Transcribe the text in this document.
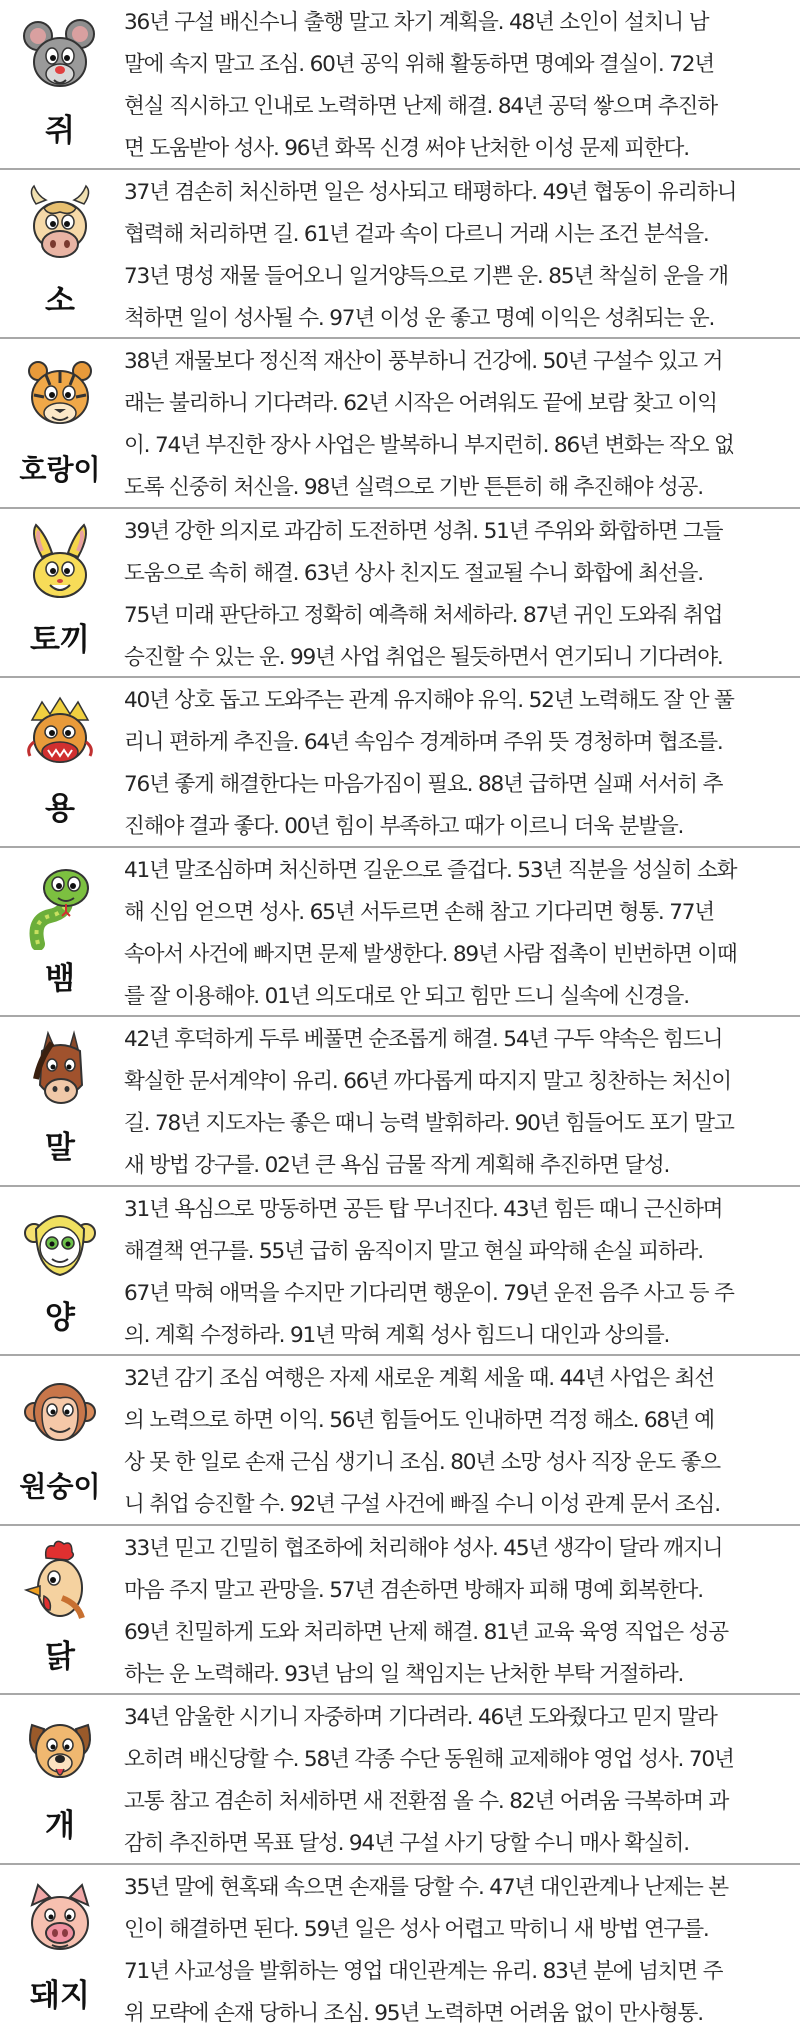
쥐
36년 구설 배신수니 출행 말고 차기 계획을. 48년 소인이 설치니 남
말에 속지 말고 조심. 60년 공익 위해 활동하면 명예와 결실이. 72년
현실 직시하고 인내로 노력하면 난제 해결. 84년 공덕 쌓으며 추진하
면 도움받아 성사. 96년 화목 신경 써야 난처한 이성 문제 피한다.
소
37년 겸손히 처신하면 일은 성사되고 태평하다. 49년 협동이 유리하니
협력해 처리하면 길. 61년 겉과 속이 다르니 거래 시는 조건 분석을.
73년 명성 재물 들어오니 일거양득으로 기쁜 운. 85년 착실히 운을 개
척하면 일이 성사될 수. 97년 이성 운 좋고 명예 이익은 성취되는 운.
호랑이
38년 재물보다 정신적 재산이 풍부하니 건강에. 50년 구설수 있고 거
래는 불리하니 기다려라. 62년 시작은 어려워도 끝에 보람 찾고 이익
이. 74년 부진한 장사 사업은 발복하니 부지런히. 86년 변화는 작오 없
도록 신중히 처신을. 98년 실력으로 기반 튼튼히 해 추진해야 성공.
토끼
39년 강한 의지로 과감히 도전하면 성취. 51년 주위와 화합하면 그들
도움으로 속히 해결. 63년 상사 친지도 절교될 수니 화합에 최선을.
75년 미래 판단하고 정확히 예측해 처세하라. 87년 귀인 도와줘 취업
승진할 수 있는 운. 99년 사업 취업은 될듯하면서 연기되니 기다려야.
용
40년 상호 돕고 도와주는 관계 유지해야 유익. 52년 노력해도 잘 안 풀
리니 편하게 추진을. 64년 속임수 경계하며 주위 뜻 경청하며 협조를.
76년 좋게 해결한다는 마음가짐이 필요. 88년 급하면 실패 서서히 추
진해야 결과 좋다. 00년 힘이 부족하고 때가 이르니 더욱 분발을.
뱀
41년 말조심하며 처신하면 길운으로 즐겁다. 53년 직분을 성실히 소화
해 신임 얻으면 성사. 65년 서두르면 손해 참고 기다리면 형통. 77년
속아서 사건에 빠지면 문제 발생한다. 89년 사람 접촉이 빈번하면 이때
를 잘 이용해야. 01년 의도대로 안 되고 힘만 드니 실속에 신경을.
말
42년 후덕하게 두루 베풀면 순조롭게 해결. 54년 구두 약속은 힘드니
확실한 문서계약이 유리. 66년 까다롭게 따지지 말고 칭찬하는 처신이
길. 78년 지도자는 좋은 때니 능력 발휘하라. 90년 힘들어도 포기 말고
새 방법 강구를. 02년 큰 욕심 금물 작게 계획해 추진하면 달성.
양
31년 욕심으로 망동하면 공든 탑 무너진다. 43년 힘든 때니 근신하며
해결책 연구를. 55년 급히 움직이지 말고 현실 파악해 손실 피하라.
67년 막혀 애먹을 수지만 기다리면 행운이. 79년 운전 음주 사고 등 주
의. 계획 수정하라. 91년 막혀 계획 성사 힘드니 대인과 상의를.
원숭이
32년 감기 조심 여행은 자제 새로운 계획 세울 때. 44년 사업은 최선
의 노력으로 하면 이익. 56년 힘들어도 인내하면 걱정 해소. 68년 예
상 못 한 일로 손재 근심 생기니 조심. 80년 소망 성사 직장 운도 좋으
니 취업 승진할 수. 92년 구설 사건에 빠질 수니 이성 관계 문서 조심.
닭
33년 믿고 긴밀히 협조하에 처리해야 성사. 45년 생각이 달라 깨지니
마음 주지 말고 관망을. 57년 겸손하면 방해자 피해 명예 회복한다.
69년 친밀하게 도와 처리하면 난제 해결. 81년 교육 육영 직업은 성공
하는 운 노력해라. 93년 남의 일 책임지는 난처한 부탁 거절하라.
개
34년 암울한 시기니 자중하며 기다려라. 46년 도와줬다고 믿지 말라
오히려 배신당할 수. 58년 각종 수단 동원해 교제해야 영업 성사. 70년
고통 참고 겸손히 처세하면 새 전환점 올 수. 82년 어려움 극복하며 과
감히 추진하면 목표 달성. 94년 구설 사기 당할 수니 매사 확실히.
돼지
35년 말에 현혹돼 속으면 손재를 당할 수. 47년 대인관계나 난제는 본
인이 해결하면 된다. 59년 일은 성사 어렵고 막히니 새 방법 연구를.
71년 사교성을 발휘하는 영업 대인관계는 유리. 83년 분에 넘치면 주
위 모략에 손재 당하니 조심. 95년 노력하면 어려움 없이 만사형통.
